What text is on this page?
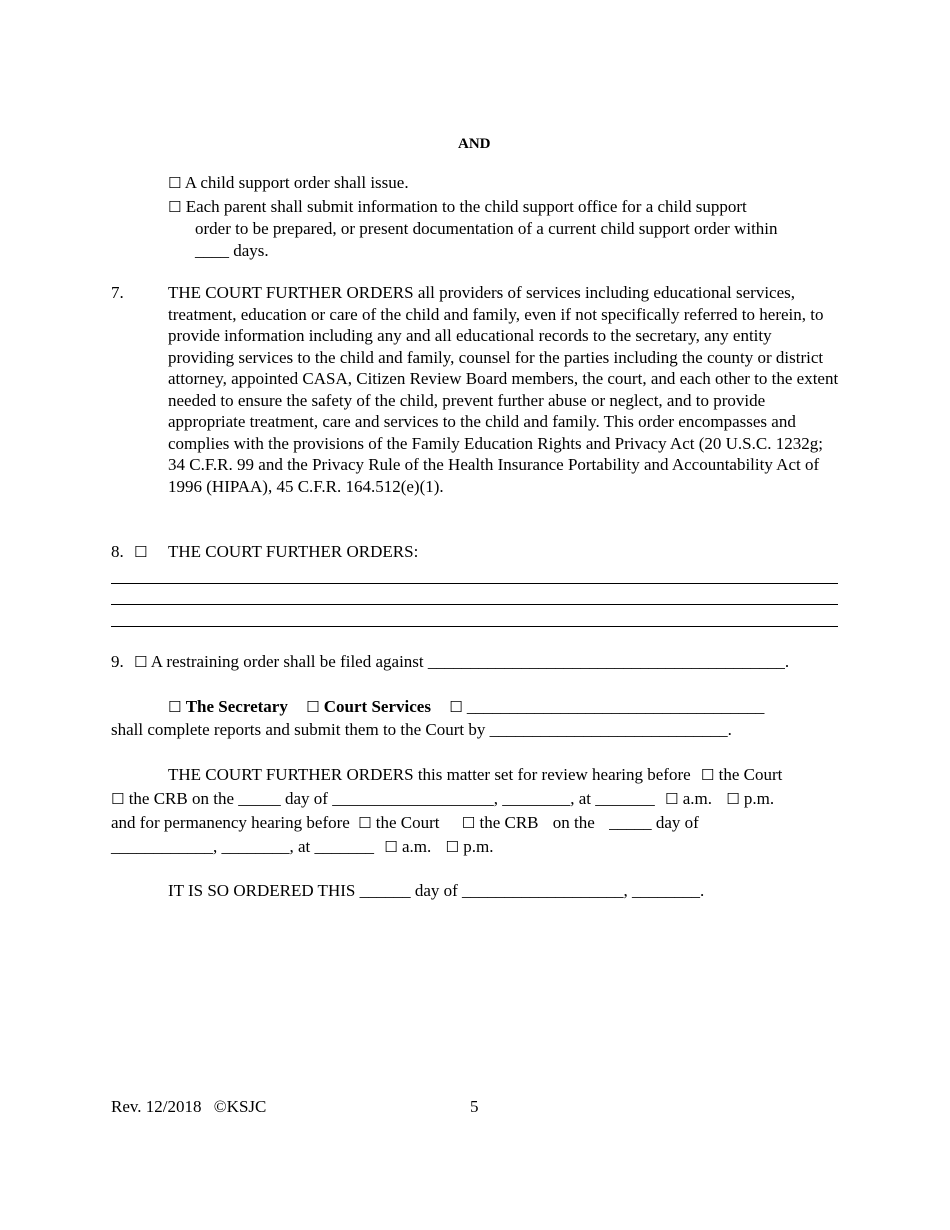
AND
☐ A child support order shall issue.
☐ Each parent shall submit information to the child support office for a child support
order to be prepared, or present documentation of a current child support order within
____ days.
7.	THE COURT FURTHER ORDERS all providers of services including educational services, treatment, education or care of the child and family, even if not specifically referred to herein, to provide information including any and all educational records to the secretary, any entity providing services to the child and family, counsel for the parties including the county or district attorney, appointed CASA, Citizen Review Board members, the court, and each other to the extent needed to ensure the safety of the child, prevent further abuse or neglect, and to provide appropriate treatment, care and services to the child and family. This order encompasses and complies with the provisions of the Family Education Rights and Privacy Act (20 U.S.C. 1232g; 34 C.F.R. 99 and the Privacy Rule of the Health Insurance Portability and Accountability Act of 1996 (HIPAA), 45 C.F.R. 164.512(e)(1).
8. ☐ THE COURT FURTHER ORDERS:
9. ☐ A restraining order shall be filed against __________________________________________.
☐ The Secretary ☐ Court Services ☐ ___________________________________
shall complete reports and submit them to the Court by ____________________________.
THE COURT FURTHER ORDERS this matter set for review hearing before ☐ the Court
☐ the CRB on the _____ day of ___________________, ________, at _______ ☐ a.m. ☐ p.m.
and for permanency hearing before ☐ the Court ☐ the CRB on the _____ day of
____________, ________, at _______ ☐ a.m. ☐ p.m.
IT IS SO ORDERED THIS ______ day of ___________________, ________.
Rev. 12/2018 ©KSJC	5
